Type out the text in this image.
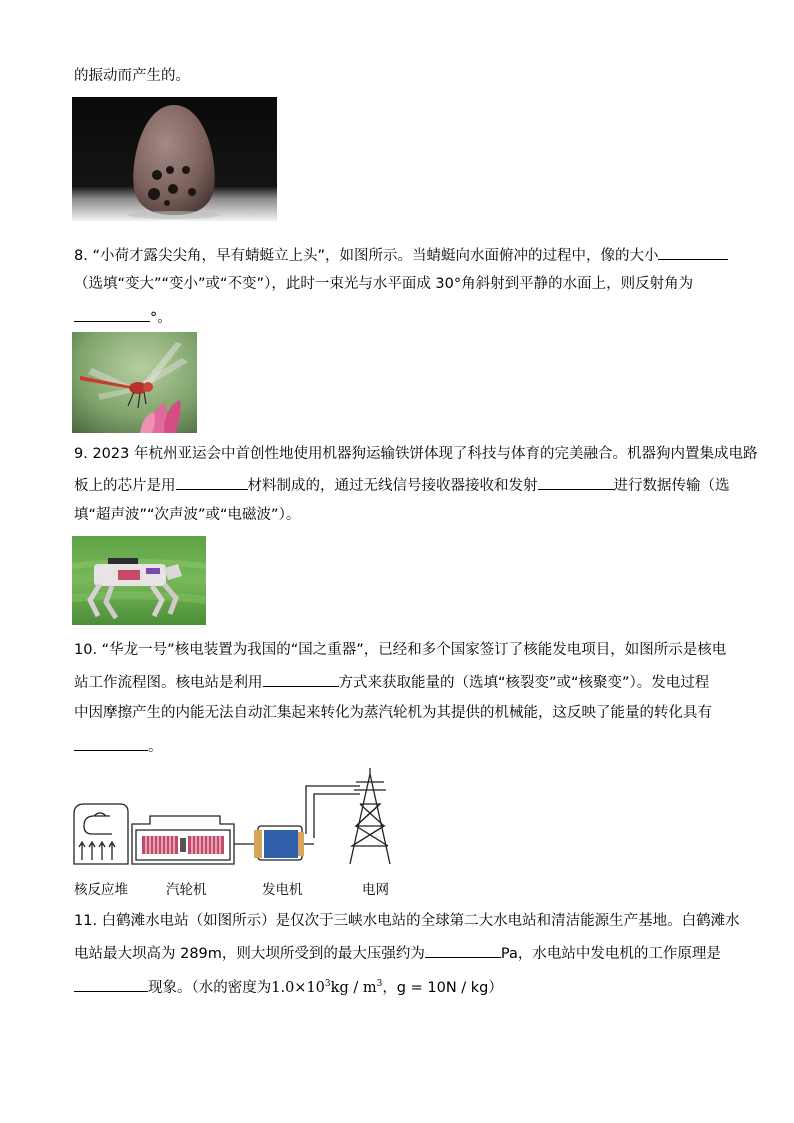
的振动而产生的。
8. “小荷才露尖尖角，早有蜻蜓立上头”，如图所示。当蜻蜓向水面俯冲的过程中，像的大小
（选填“变大”“变小”或“不变”），此时一束光与水平面成 30°角斜射到平静的水面上，则反射角为
°。
9. 2023 年杭州亚运会中首创性地使用机器狗运输铁饼体现了科技与体育的完美融合。机器狗内置集成电路
板上的芯片是用	材料制成的，通过无线信号接收器接收和发射	进行数据传输（选
填“超声波”“次声波”或“电磁波”）。
10. “华龙一号”核电装置为我国的“国之重器”，已经和多个国家签订了核能发电项目，如图所示是核电
站工作流程图。核电站是利用	方式来获取能量的（选填“核裂变”或“核聚变”）。发电过程
中因摩擦产生的内能无法自动汇集起来转化为蒸汽轮机为其提供的机械能，这反映了能量的转化具有
。
核反应堆	汽轮机	发电机	电网
11. 白鹤滩水电站（如图所示）是仅次于三峡水电站的全球第二大水电站和清洁能源生产基地。白鹤滩水
电站最大坝高为 289m，则大坝所受到的最大压强约为	Pa，水电站中发电机的工作原理是
现象。（水的密度为$1.0\times 10^3kg / m^3$，g = 10N / kg）
